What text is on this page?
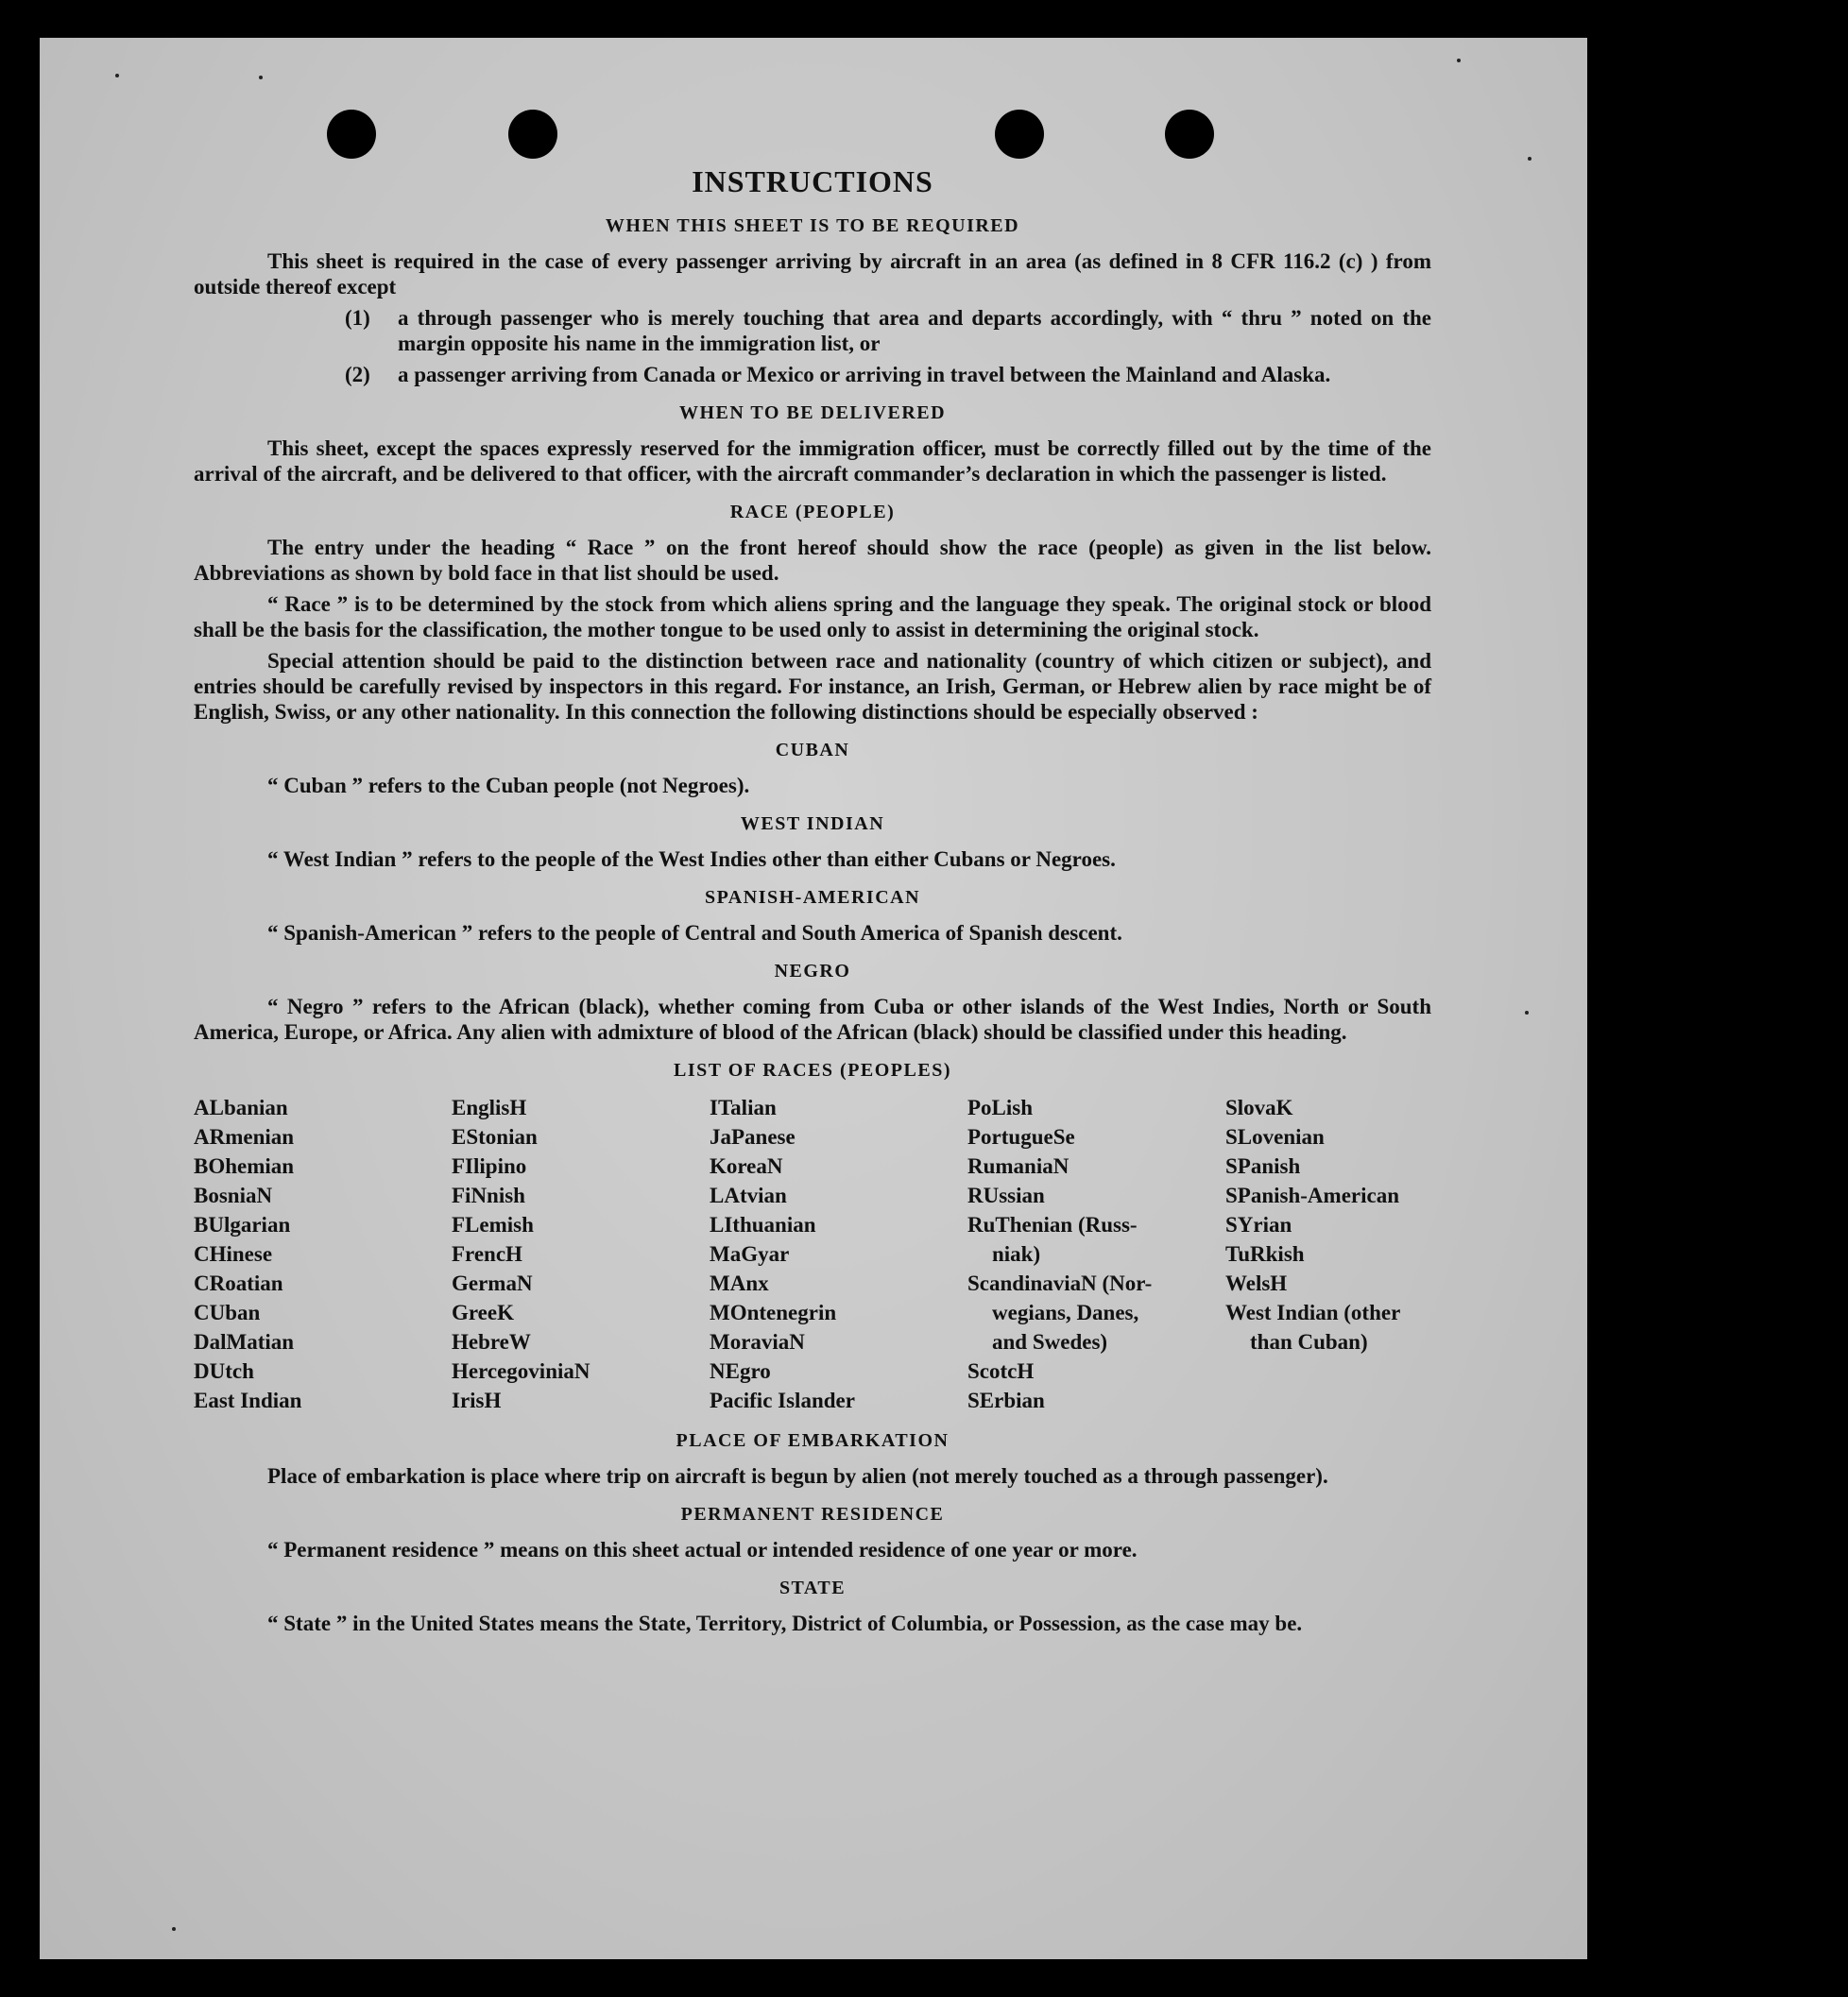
INSTRUCTIONS
WHEN THIS SHEET IS TO BE REQUIRED
This sheet is required in the case of every passenger arriving by aircraft in an area (as defined in 8 CFR 116.2 (c) ) from outside thereof except
(1)	a through passenger who is merely touching that area and departs accordingly, with “ thru ” noted on the margin opposite his name in the immigration list, or
(2)	a passenger arriving from Canada or Mexico or arriving in travel between the Mainland and Alaska.
WHEN TO BE DELIVERED
This sheet, except the spaces expressly reserved for the immigration officer, must be correctly filled out by the time of the arrival of the aircraft, and be delivered to that officer, with the aircraft commander’s declaration in which the passenger is listed.
RACE (PEOPLE)
The entry under the heading “ Race ” on the front hereof should show the race (people) as given in the list below. Abbreviations as shown by bold face in that list should be used.
“ Race ” is to be determined by the stock from which aliens spring and the language they speak. The original stock or blood shall be the basis for the classification, the mother tongue to be used only to assist in determining the original stock.
Special attention should be paid to the distinction between race and nationality (country of which citizen or subject), and entries should be carefully revised by inspectors in this regard. For instance, an Irish, German, or Hebrew alien by race might be of English, Swiss, or any other nationality. In this connection the following distinctions should be especially observed :
CUBAN
“ Cuban ” refers to the Cuban people (not Negroes).
WEST INDIAN
“ West Indian ” refers to the people of the West Indies other than either Cubans or Negroes.
SPANISH-AMERICAN
“ Spanish-American ” refers to the people of Central and South America of Spanish descent.
NEGRO
“ Negro ” refers to the African (black), whether coming from Cuba or other islands of the West Indies, North or South America, Europe, or Africa. Any alien with admixture of blood of the African (black) should be classified under this heading.
LIST OF RACES (PEOPLES)
ALbanian
ARmenian
BOhemian
BosniaN
BUlgarian
CHinese
CRoatian
CUban
DalMatian
DUtch
East Indian
EnglisH
EStonian
FIlipino
FiNnish
FLemish
FrencH
GermaN
GreeK
HebreW
HercegoviniaN
IrisH
ITalian
JaPanese
KoreaN
LAtvian
LIthuanian
MaGyar
MAnx
MOntenegrin
MoraviaN
NEgro
Pacific Islander
PoLish
PortugueSe
RumaniaN
RUssian
RuThenian (Russ-
niak)
ScandinaviaN (Nor-
wegians, Danes,
and Swedes)
ScotcH
SErbian
SlovaK
SLovenian
SPanish
SPanish-American
SYrian
TuRkish
WelsH
West Indian (other
than Cuban)
PLACE OF EMBARKATION
Place of embarkation is place where trip on aircraft is begun by alien (not merely touched as a through passenger).
PERMANENT RESIDENCE
“ Permanent residence ” means on this sheet actual or intended residence of one year or more.
STATE
“ State ” in the United States means the State, Territory, District of Columbia, or Possession, as the case may be.
